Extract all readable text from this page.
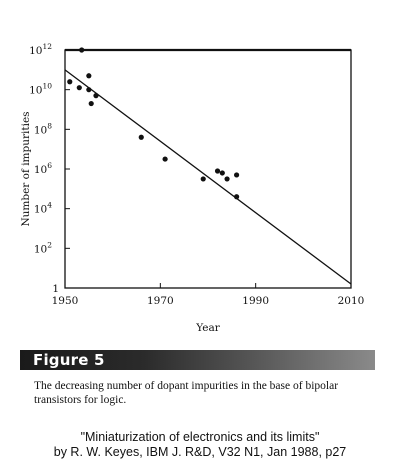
1950	1970	1990	2010
$10^{12}$
$10^{10}$
$10^8$
$10^6$
$10^4$
$10^2$
1
Year
Number of impurities
Figure 5
The decreasing number of dopant impurities in the base of bipolar transistors for logic.
"Miniaturization of electronics and its limits"
by R. W. Keyes, IBM J. R&D, V32 N1, Jan 1988, p27
